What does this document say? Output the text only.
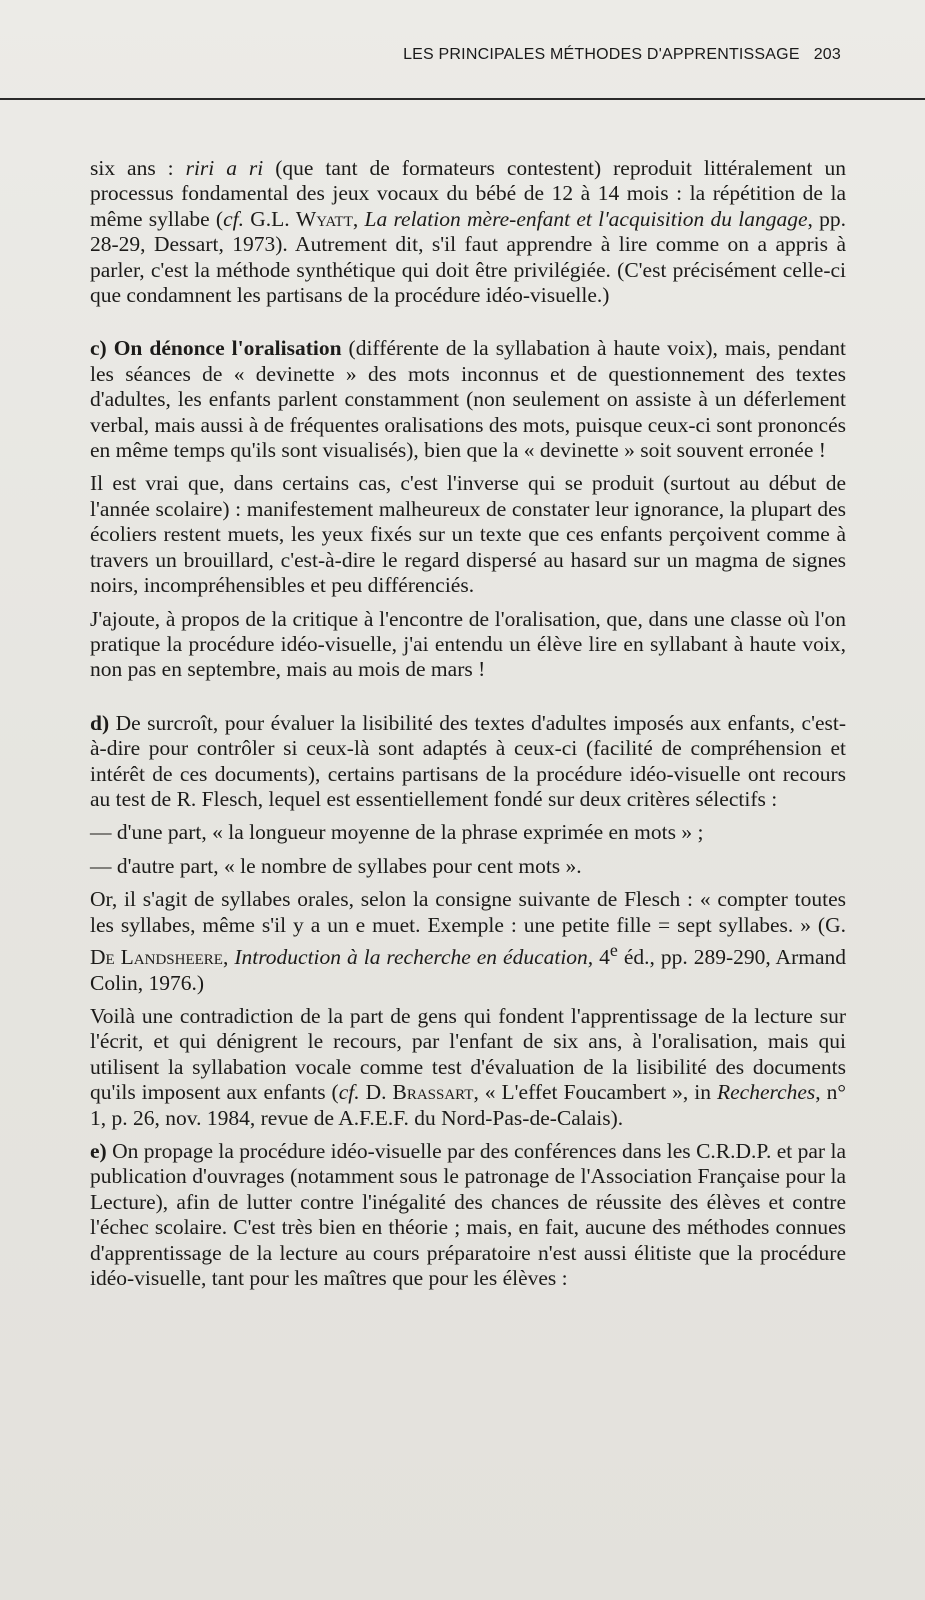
LES PRINCIPALES MÉTHODES D'APPRENTISSAGE 203

six ans : riri a ri (que tant de formateurs contestent) reproduit littéralement un processus fondamental des jeux vocaux du bébé de 12 à 14 mois : la répétition de la même syllabe (cf. G.L. Wyatt, La relation mère-enfant et l'acquisition du langage, pp. 28-29, Dessart, 1973). Autrement dit, s'il faut apprendre à lire comme on a appris à parler, c'est la méthode synthétique qui doit être privilégiée. (C'est précisément celle-ci que condamnent les partisans de la procédure idéo-visuelle.)

c) On dénonce l'oralisation (différente de la syllabation à haute voix), mais, pendant les séances de « devinette » des mots inconnus et de questionnement des textes d'adultes, les enfants parlent constamment (non seulement on assiste à un déferlement verbal, mais aussi à de fréquentes oralisations des mots, puisque ceux-ci sont prononcés en même temps qu'ils sont visualisés), bien que la « devinette » soit souvent erronée !

Il est vrai que, dans certains cas, c'est l'inverse qui se produit (surtout au début de l'année scolaire) : manifestement malheureux de constater leur ignorance, la plupart des écoliers restent muets, les yeux fixés sur un texte que ces enfants perçoivent comme à travers un brouillard, c'est-à-dire le regard dispersé au hasard sur un magma de signes noirs, incompréhensibles et peu différenciés.

J'ajoute, à propos de la critique à l'encontre de l'oralisation, que, dans une classe où l'on pratique la procédure idéo-visuelle, j'ai entendu un élève lire en syllabant à haute voix, non pas en septembre, mais au mois de mars !

d) De surcroît, pour évaluer la lisibilité des textes d'adultes imposés aux enfants, c'est-à-dire pour contrôler si ceux-là sont adaptés à ceux-ci (facilité de compréhension et intérêt de ces documents), certains partisans de la procédure idéo-visuelle ont recours au test de R. Flesch, lequel est essentiellement fondé sur deux critères sélectifs :

— d'une part, « la longueur moyenne de la phrase exprimée en mots » ;

— d'autre part, « le nombre de syllabes pour cent mots ».

Or, il s'agit de syllabes orales, selon la consigne suivante de Flesch : « compter toutes les syllabes, même s'il y a un e muet. Exemple : une petite fille = sept syllabes. » (G. De Landsheere, Introduction à la recherche en éducation, 4e éd., pp. 289-290, Armand Colin, 1976.)

Voilà une contradiction de la part de gens qui fondent l'apprentissage de la lecture sur l'écrit, et qui dénigrent le recours, par l'enfant de six ans, à l'oralisation, mais qui utilisent la syllabation vocale comme test d'évaluation de la lisibilité des documents qu'ils imposent aux enfants (cf. D. Brassart, « L'effet Foucambert », in Recherches, n° 1, p. 26, nov. 1984, revue de A.F.E.F. du Nord-Pas-de-Calais).

e) On propage la procédure idéo-visuelle par des conférences dans les C.R.D.P. et par la publication d'ouvrages (notamment sous le patronage de l'Association Française pour la Lecture), afin de lutter contre l'inégalité des chances de réussite des élèves et contre l'échec scolaire. C'est très bien en théorie ; mais, en fait, aucune des méthodes connues d'apprentissage de la lecture au cours préparatoire n'est aussi élitiste que la procédure idéo-visuelle, tant pour les maîtres que pour les élèves :
